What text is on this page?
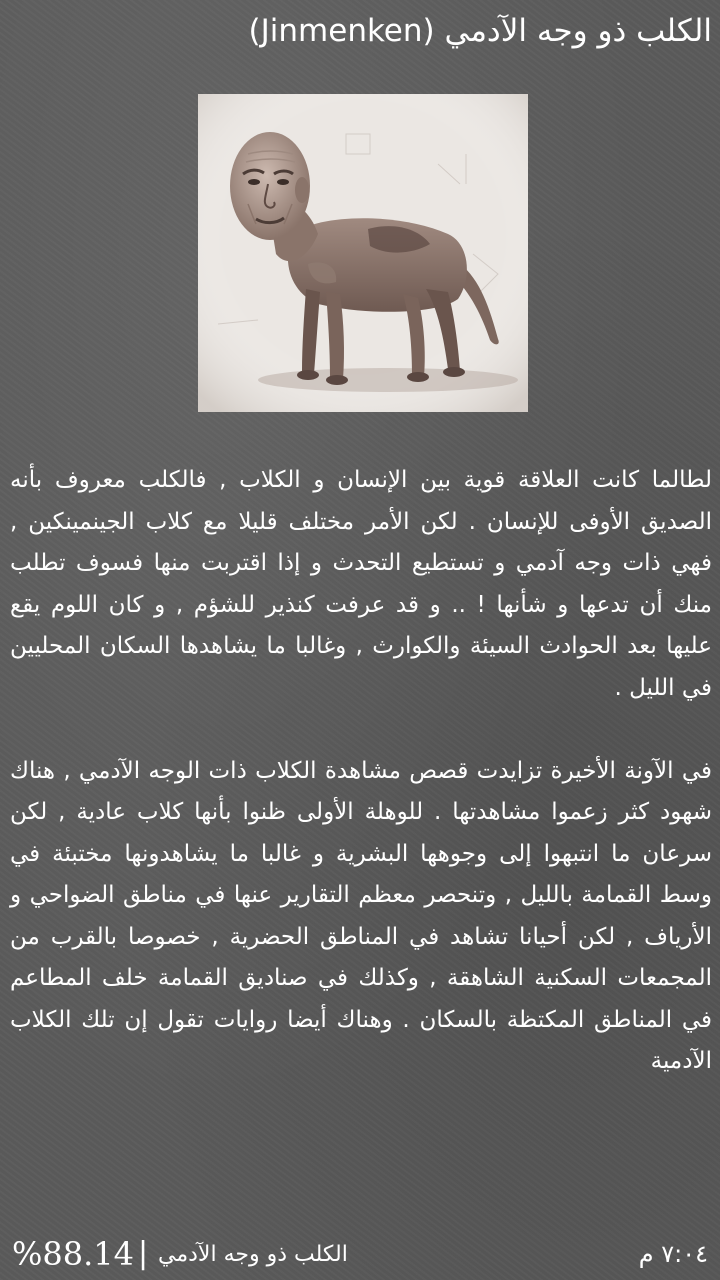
الكلب ذو وجه الآدمي (Jinmenken)

لطالما كانت العلاقة قوية بين الإنسان و الكلاب , فالكلب معروف بأنه الصديق الأوفى للإنسان . لكن الأمر مختلف قليلا مع كلاب الجينمينكين , فهي ذات وجه آدمي و تستطيع التحدث و إذا اقتربت منها فسوف تطلب منك أن تدعها و شأنها ! .. و قد عرفت كنذير للشؤم , و كان اللوم يقع عليها بعد الحوادث السيئة والكوارث , وغالبا ما يشاهدها السكان المحليين في الليل .

في الآونة الأخيرة تزايدت قصص مشاهدة الكلاب ذات الوجه الآدمي , هناك شهود كثر زعموا مشاهدتها . للوهلة الأولى ظنوا بأنها كلاب عادية , لكن سرعان ما انتبهوا إلى وجوهها البشرية و غالبا ما يشاهدونها مختبئة في وسط القمامة بالليل , وتنحصر معظم التقارير عنها في مناطق الضواحي و الأرياف , لكن أحيانا تشاهد في المناطق الحضرية , خصوصا بالقرب من المجمعات السكنية الشاهقة , وكذلك في صناديق القمامة خلف المطاعم في المناطق المكتظة بالسكان . وهناك أيضا روايات تقول إن تلك الكلاب الآدمية

%88.14 | الكلب ذو وجه الآدمي	٧:٠٤ م
